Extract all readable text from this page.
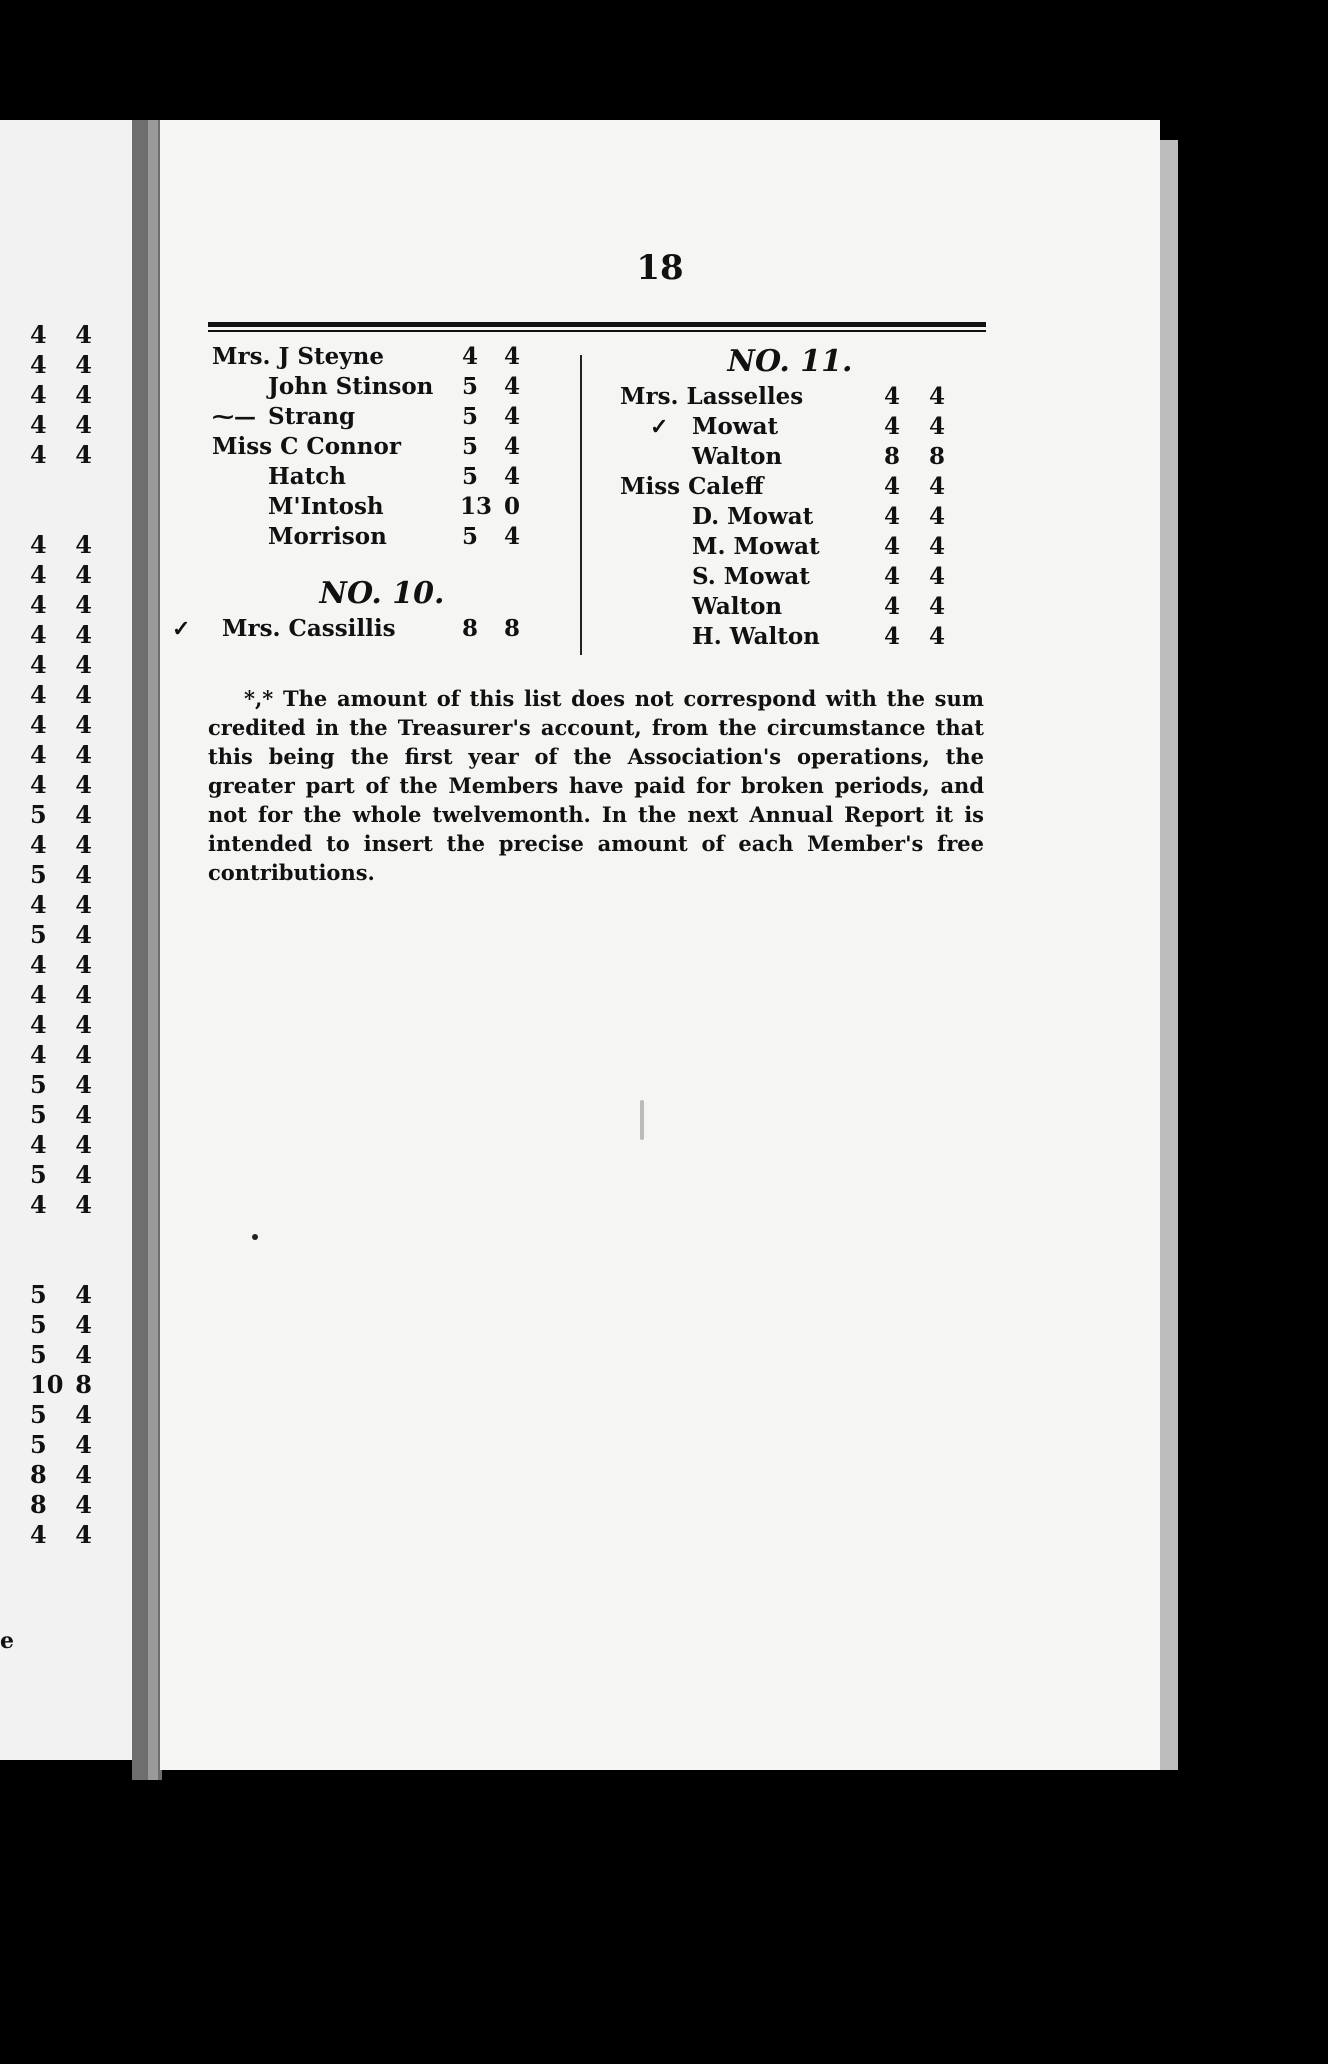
4 4
4 4
4 4
4 4
4 4
4 4
4 4
4 4
4 4
4 4
4 4
4 4
4 4
4 4
5 4
4 4
5 4
4 4
5 4
4 4
4 4
4 4
4 4
5 4
5 4
4 4
5 4
4 4
5 4
5 4
5 4
10 8
5 4
5 4
8 4
8 4
4 4
e
18
Mrs. J Steyne	4 4
John Stinson 5 4
⁓— Strang	5 4
Miss C Connor	5 4
Hatch	5 4
M'Intosh	13 0
Morrison	5 4
NO. 10.
✓ Mrs. Cassillis	8 8
NO. 11.
Mrs. Lasselles	4 4
✓ Mowat	4 4
Walton	8 8
Miss Caleff	4 4
D. Mowat	4 4
M. Mowat	4 4
S. Mowat	4 4
Walton	4 4
H. Walton	4 4
*,* The amount of this list does not correspond with the sum credited in the Treasurer's account, from the circumstance that this being the first year of the Association's operations, the greater part of the Members have paid for broken periods, and not for the whole twelvemonth. In the next Annual Report it is intended to insert the precise amount of each Member's free contributions.
